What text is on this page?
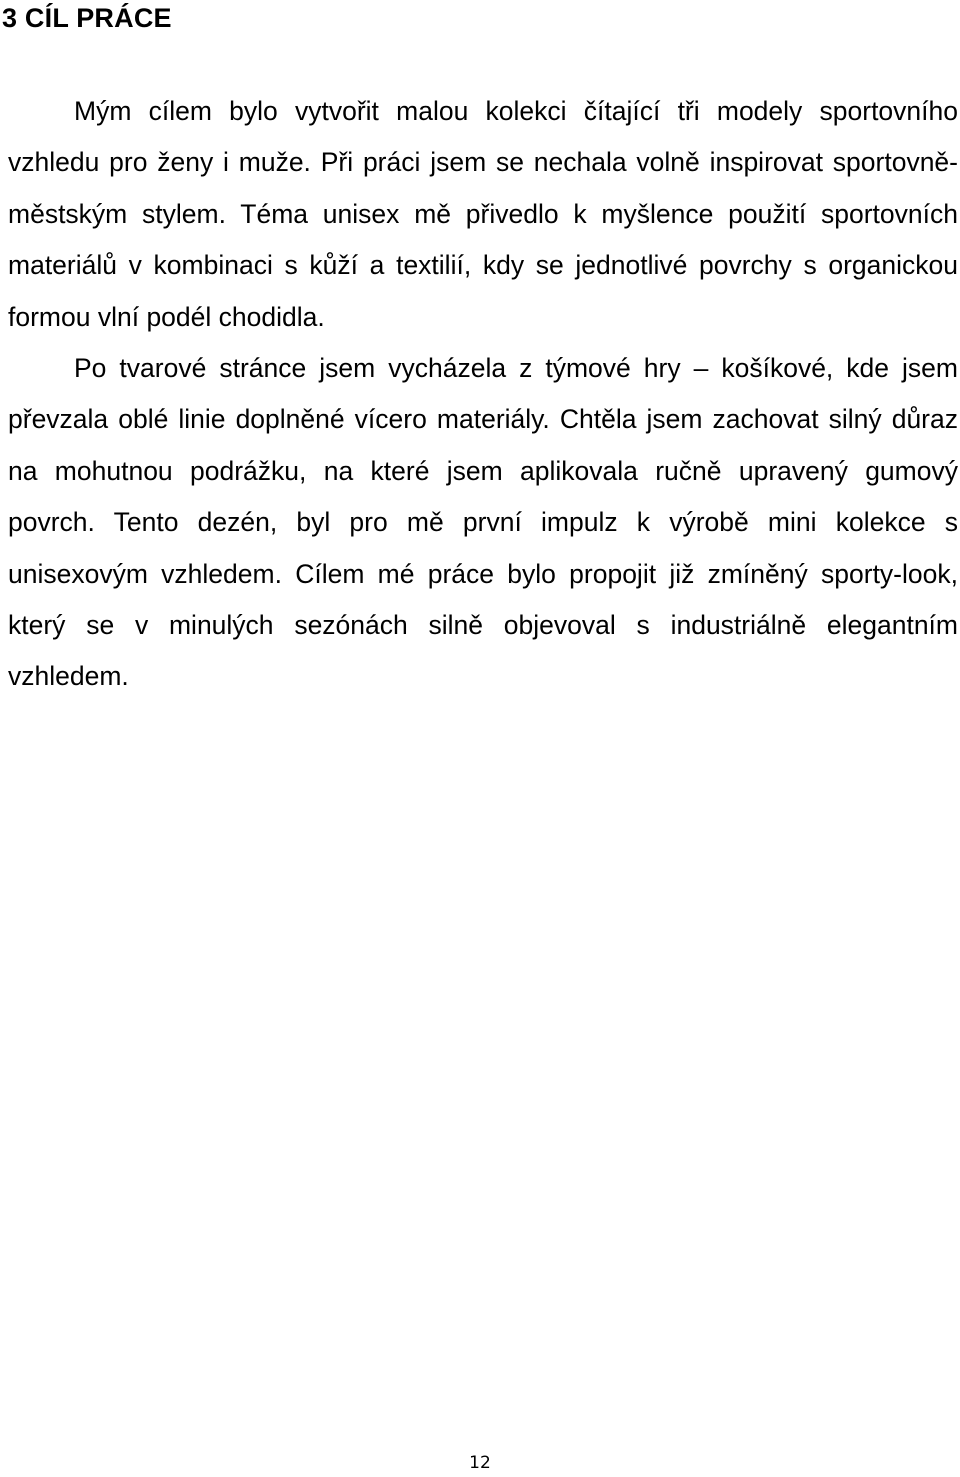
3 CÍL PRÁCE

Mým cílem bylo vytvořit malou kolekci čítající tři modely sportovního vzhledu pro ženy i muže. Při práci jsem se nechala volně inspirovat sportovně-městským stylem. Téma unisex mě přivedlo k myšlence použití sportovních materiálů v kombinaci s kůží a textilií, kdy se jednotlivé povrchy s organickou formou vlní podél chodidla.

Po tvarové stránce jsem vycházela z týmové hry – košíkové, kde jsem převzala oblé linie doplněné vícero materiály. Chtěla jsem zachovat silný důraz na mohutnou podrážku, na které jsem aplikovala ručně upravený gumový povrch. Tento dezén, byl pro mě první impulz k výrobě mini kolekce s unisexovým vzhledem. Cílem mé práce bylo propojit již zmíněný sporty-look, který se v minulých sezónách silně objevoval s industriálně elegantním vzhledem.

12
